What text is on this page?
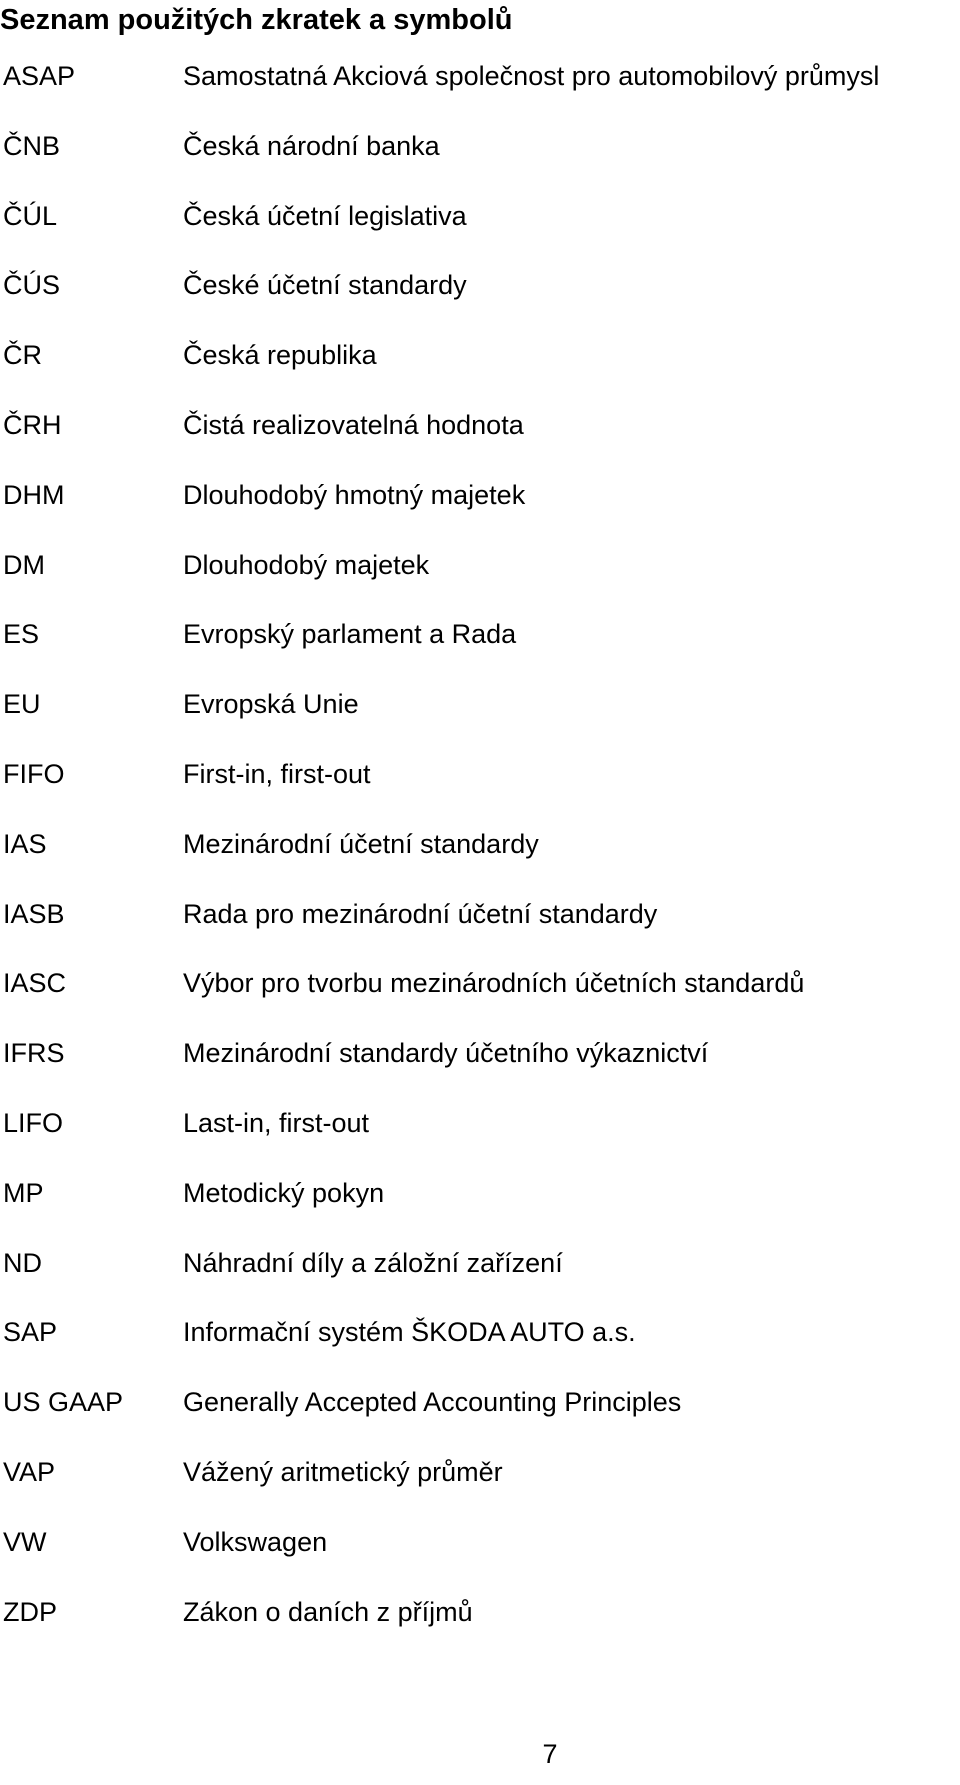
Seznam použitých zkratek a symbolů
ASAP	Samostatná Akciová společnost pro automobilový průmysl
ČNB	Česká národní banka
ČÚL	Česká účetní legislativa
ČÚS	České účetní standardy
ČR	Česká republika
ČRH	Čistá realizovatelná hodnota
DHM	Dlouhodobý hmotný majetek
DM	Dlouhodobý majetek
ES	Evropský parlament a Rada
EU	Evropská Unie
FIFO	First-in, first-out
IAS	Mezinárodní účetní standardy
IASB	Rada pro mezinárodní účetní standardy
IASC	Výbor pro tvorbu mezinárodních účetních standardů
IFRS	Mezinárodní standardy účetního výkaznictví
LIFO	Last-in, first-out
MP	Metodický pokyn
ND	Náhradní díly a záložní zařízení
SAP	Informační systém ŠKODA AUTO a.s.
US GAAP	Generally Accepted Accounting Principles
VAP	Vážený aritmetický průměr
VW	Volkswagen
ZDP	Zákon o daních z příjmů
7
